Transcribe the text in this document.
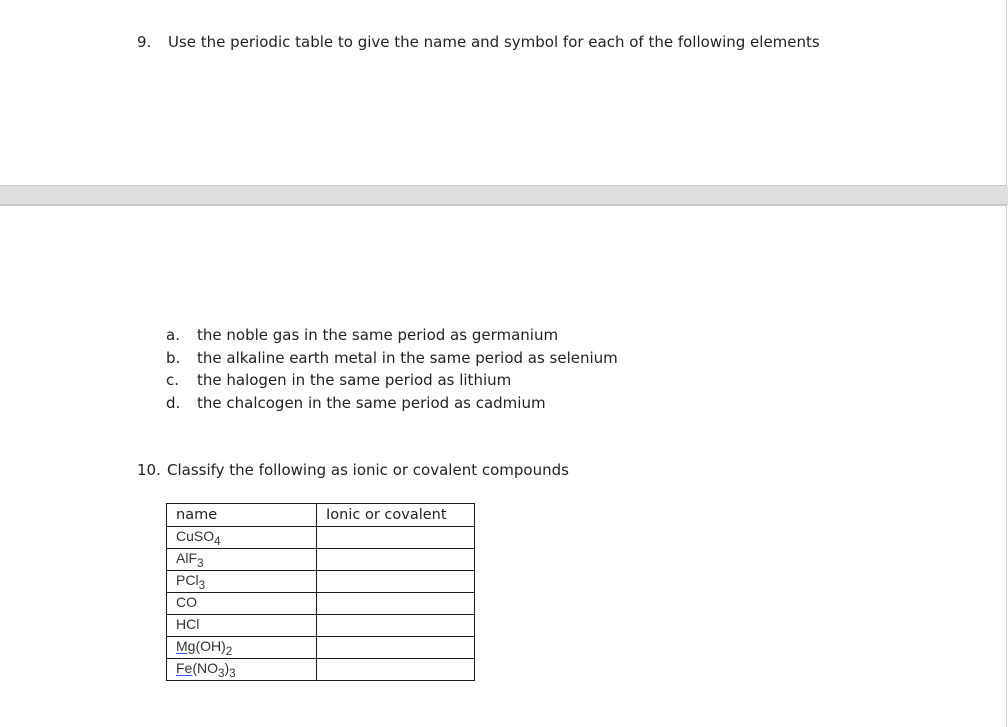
9. Use the periodic table to give the name and symbol for each of the following elements
a. the noble gas in the same period as germanium
b. the alkaline earth metal in the same period as selenium
c. the halogen in the same period as lithium
d. the chalcogen in the same period as cadmium
10. Classify the following as ionic or covalent compounds
name	Ionic or covalent
CuSO$_4$	
AlF$_3$	
PCl$_3$	
CO	
HCl	
$Mg(OH)_2$	
$Fe(NO_3)_3$	
